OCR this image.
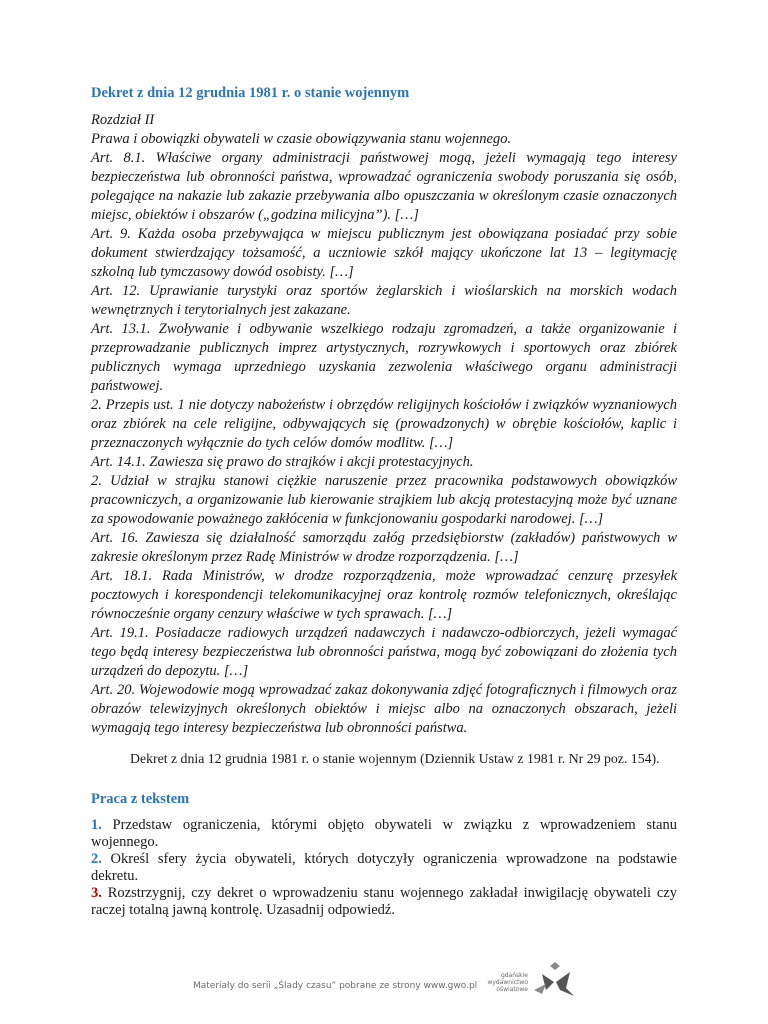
Dekret z dnia 12 grudnia 1981 r. o stanie wojennym

Rozdział II

Prawa i obowiązki obywateli w czasie obowiązywania stanu wojennego.

Art. 8.1. Właściwe organy administracji państwowej mogą, jeżeli wymagają tego interesy bezpieczeństwa lub obronności państwa, wprowadzać ograniczenia swobody poruszania się osób, polegające na nakazie lub zakazie przebywania albo opuszczania w określonym czasie oznaczonych miejsc, obiektów i obszarów („godzina milicyjna”). […]

Art. 9. Każda osoba przebywająca w miejscu publicznym jest obowiązana posiadać przy sobie dokument stwierdzający tożsamość, a uczniowie szkół mający ukończone lat 13 – legitymację szkolną lub tymczasowy dowód osobisty. […]

Art. 12. Uprawianie turystyki oraz sportów żeglarskich i wioślarskich na morskich wodach wewnętrznych i terytorialnych jest zakazane.

Art. 13.1. Zwoływanie i odbywanie wszelkiego rodzaju zgromadzeń, a także organizowanie i przeprowadzanie publicznych imprez artystycznych, rozrywkowych i sportowych oraz zbiórek publicznych wymaga uprzedniego uzyskania zezwolenia właściwego organu administracji państwowej.

2. Przepis ust. 1 nie dotyczy nabożeństw i obrzędów religijnych kościołów i związków wyznaniowych oraz zbiórek na cele religijne, odbywających się (prowadzonych) w obrębie kościołów, kaplic i przeznaczonych wyłącznie do tych celów domów modlitw. […]

Art. 14.1. Zawiesza się prawo do strajków i akcji protestacyjnych.

2. Udział w strajku stanowi ciężkie naruszenie przez pracownika podstawowych obowiązków pracowniczych, a organizowanie lub kierowanie strajkiem lub akcją protestacyjną może być uznane za spowodowanie poważnego zakłócenia w funkcjonowaniu gospodarki narodowej. […]

Art. 16. Zawiesza się działalność samorządu załóg przedsiębiorstw (zakładów) państwowych w zakresie określonym przez Radę Ministrów w drodze rozporządzenia. […]

Art. 18.1. Rada Ministrów, w drodze rozporządzenia, może wprowadzać cenzurę przesyłek pocztowych i korespondencji telekomunikacyjnej oraz kontrolę rozmów telefonicznych, określając równocześnie organy cenzury właściwe w tych sprawach. […]

Art. 19.1. Posiadacze radiowych urządzeń nadawczych i nadawczo-odbiorczych, jeżeli wymagać tego będą interesy bezpieczeństwa lub obronności państwa, mogą być zobowiązani do złożenia tych urządzeń do depozytu. […]

Art. 20. Wojewodowie mogą wprowadzać zakaz dokonywania zdjęć fotograficznych i filmowych oraz obrazów telewizyjnych określonych obiektów i miejsc albo na oznaczonych obszarach, jeżeli wymagają tego interesy bezpieczeństwa lub obronności państwa.

Dekret z dnia 12 grudnia 1981 r. o stanie wojennym (Dziennik Ustaw z 1981 r. Nr 29 poz. 154).

Praca z tekstem
1. Przedstaw ograniczenia, którymi objęto obywateli w związku z wprowadzeniem stanu wojennego.
2. Określ sfery życia obywateli, których dotyczyły ograniczenia wprowadzone na podstawie dekretu.
3. Rozstrzygnij, czy dekret o wprowadzeniu stanu wojennego zakładał inwigilację obywateli czy raczej totalną jawną kontrolę. Uzasadnij odpowiedź.
Materiały do serii „Ślady czasu” pobrane ze strony www.gwo.pl
gdańskie
wydawnictwo
oświatowe
